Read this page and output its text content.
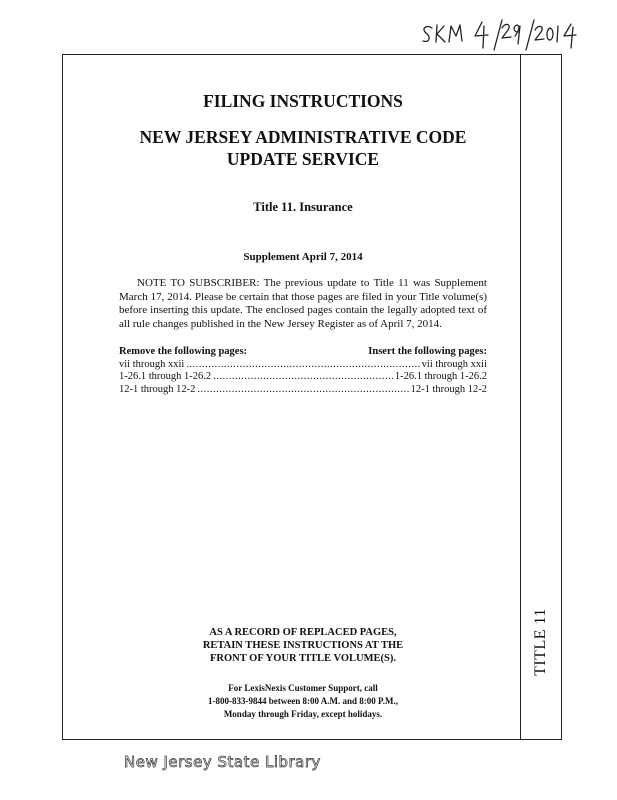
FILING INSTRUCTIONS
NEW JERSEY ADMINISTRATIVE CODE
UPDATE SERVICE
Title 11. Insurance
Supplement April 7, 2014

NOTE TO SUBSCRIBER: The previous update to Title 11 was Supplement March 17, 2014. Please be certain that those pages are filed in your Title volume(s) before inserting this update. The enclosed pages contain the legally adopted text of all rule changes published in the New Jersey Register as of April 7, 2014.

Remove the following pages:	Insert the following pages:
vii through xxii .....	vii through xxii
1-26.1 through 1-26.2 .....	1-26.1 through 1-26.2
12-1 through 12-2 .....	12-1 through 12-2
AS A RECORD OF REPLACED PAGES,
RETAIN THESE INSTRUCTIONS AT THE
FRONT OF YOUR TITLE VOLUME(S).
For LexisNexis Customer Support, call
1-800-833-9844 between 8:00 A.M. and 8:00 P.M.,
Monday through Friday, except holidays.
TITLE 11
New Jersey State Library
